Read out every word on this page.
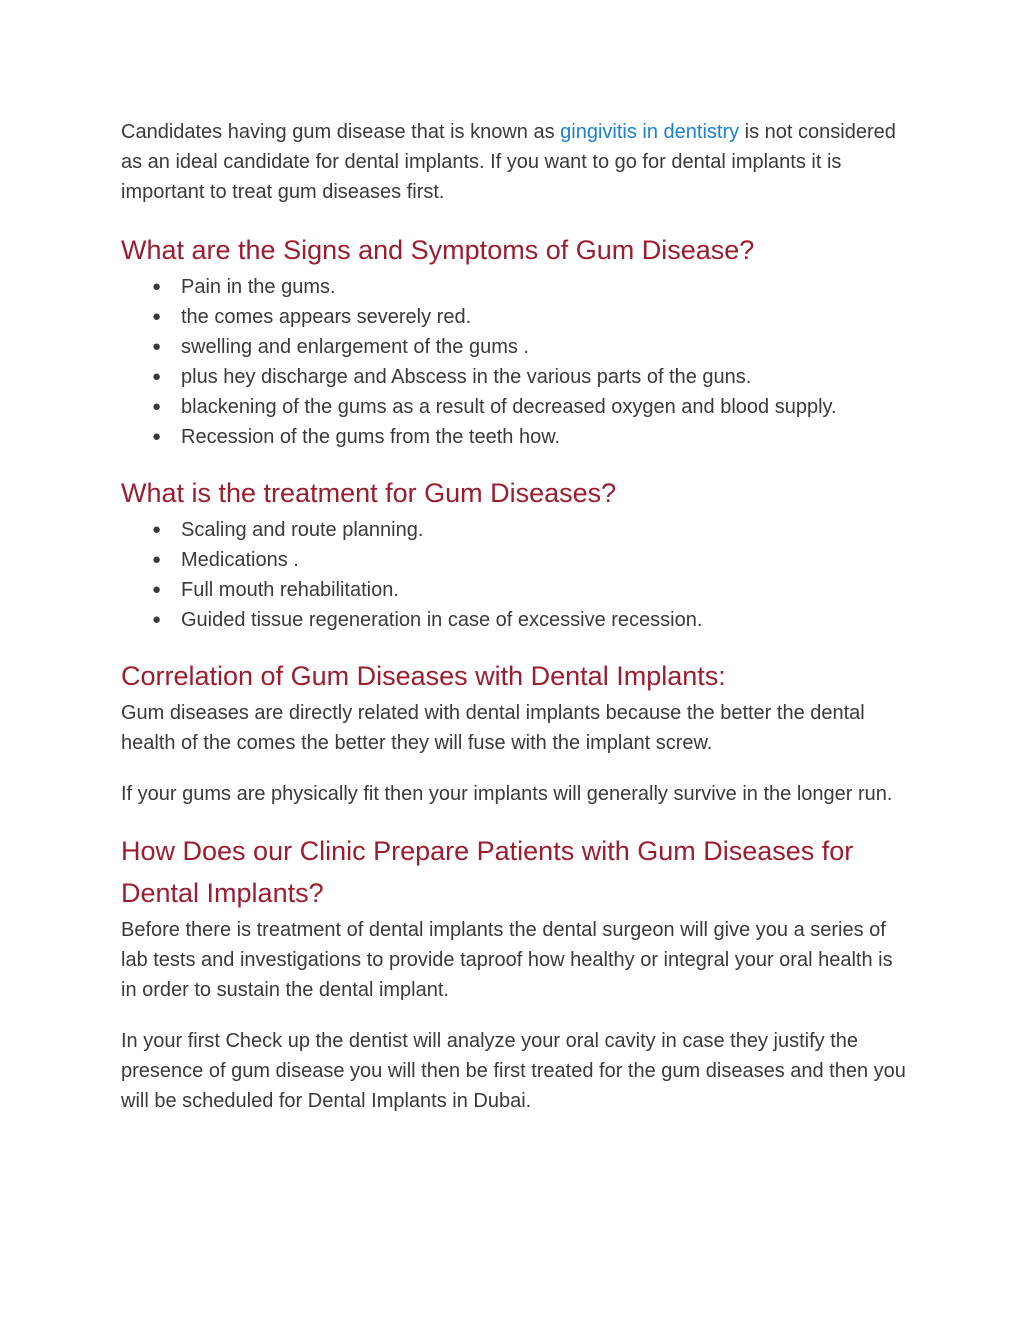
Candidates having gum disease that is known as gingivitis in dentistry is not considered as an ideal candidate for dental implants. If you want to go for dental implants it is important to treat gum diseases first.

What are the Signs and Symptoms of Gum Disease?
● Pain in the gums.
● the comes appears severely red.
● swelling and enlargement of the gums .
● plus hey discharge and Abscess in the various parts of the guns.
● blackening of the gums as a result of decreased oxygen and blood supply.
● Recession of the gums from the teeth how.
What is the treatment for Gum Diseases?
● Scaling and route planning.
● Medications .
● Full mouth rehabilitation.
● Guided tissue regeneration in case of excessive recession.
Correlation of Gum Diseases with Dental Implants:

Gum diseases are directly related with dental implants because the better the dental health of the comes the better they will fuse with the implant screw.

If your gums are physically fit then your implants will generally survive in the longer run.

How Does our Clinic Prepare Patients with Gum Diseases for Dental Implants?

Before there is treatment of dental implants the dental surgeon will give you a series of lab tests and investigations to provide taproof how healthy or integral your oral health is in order to sustain the dental implant.

In your first Check up the dentist will analyze your oral cavity in case they justify the presence of gum disease you will then be first treated for the gum diseases and then you will be scheduled for Dental Implants in Dubai.
